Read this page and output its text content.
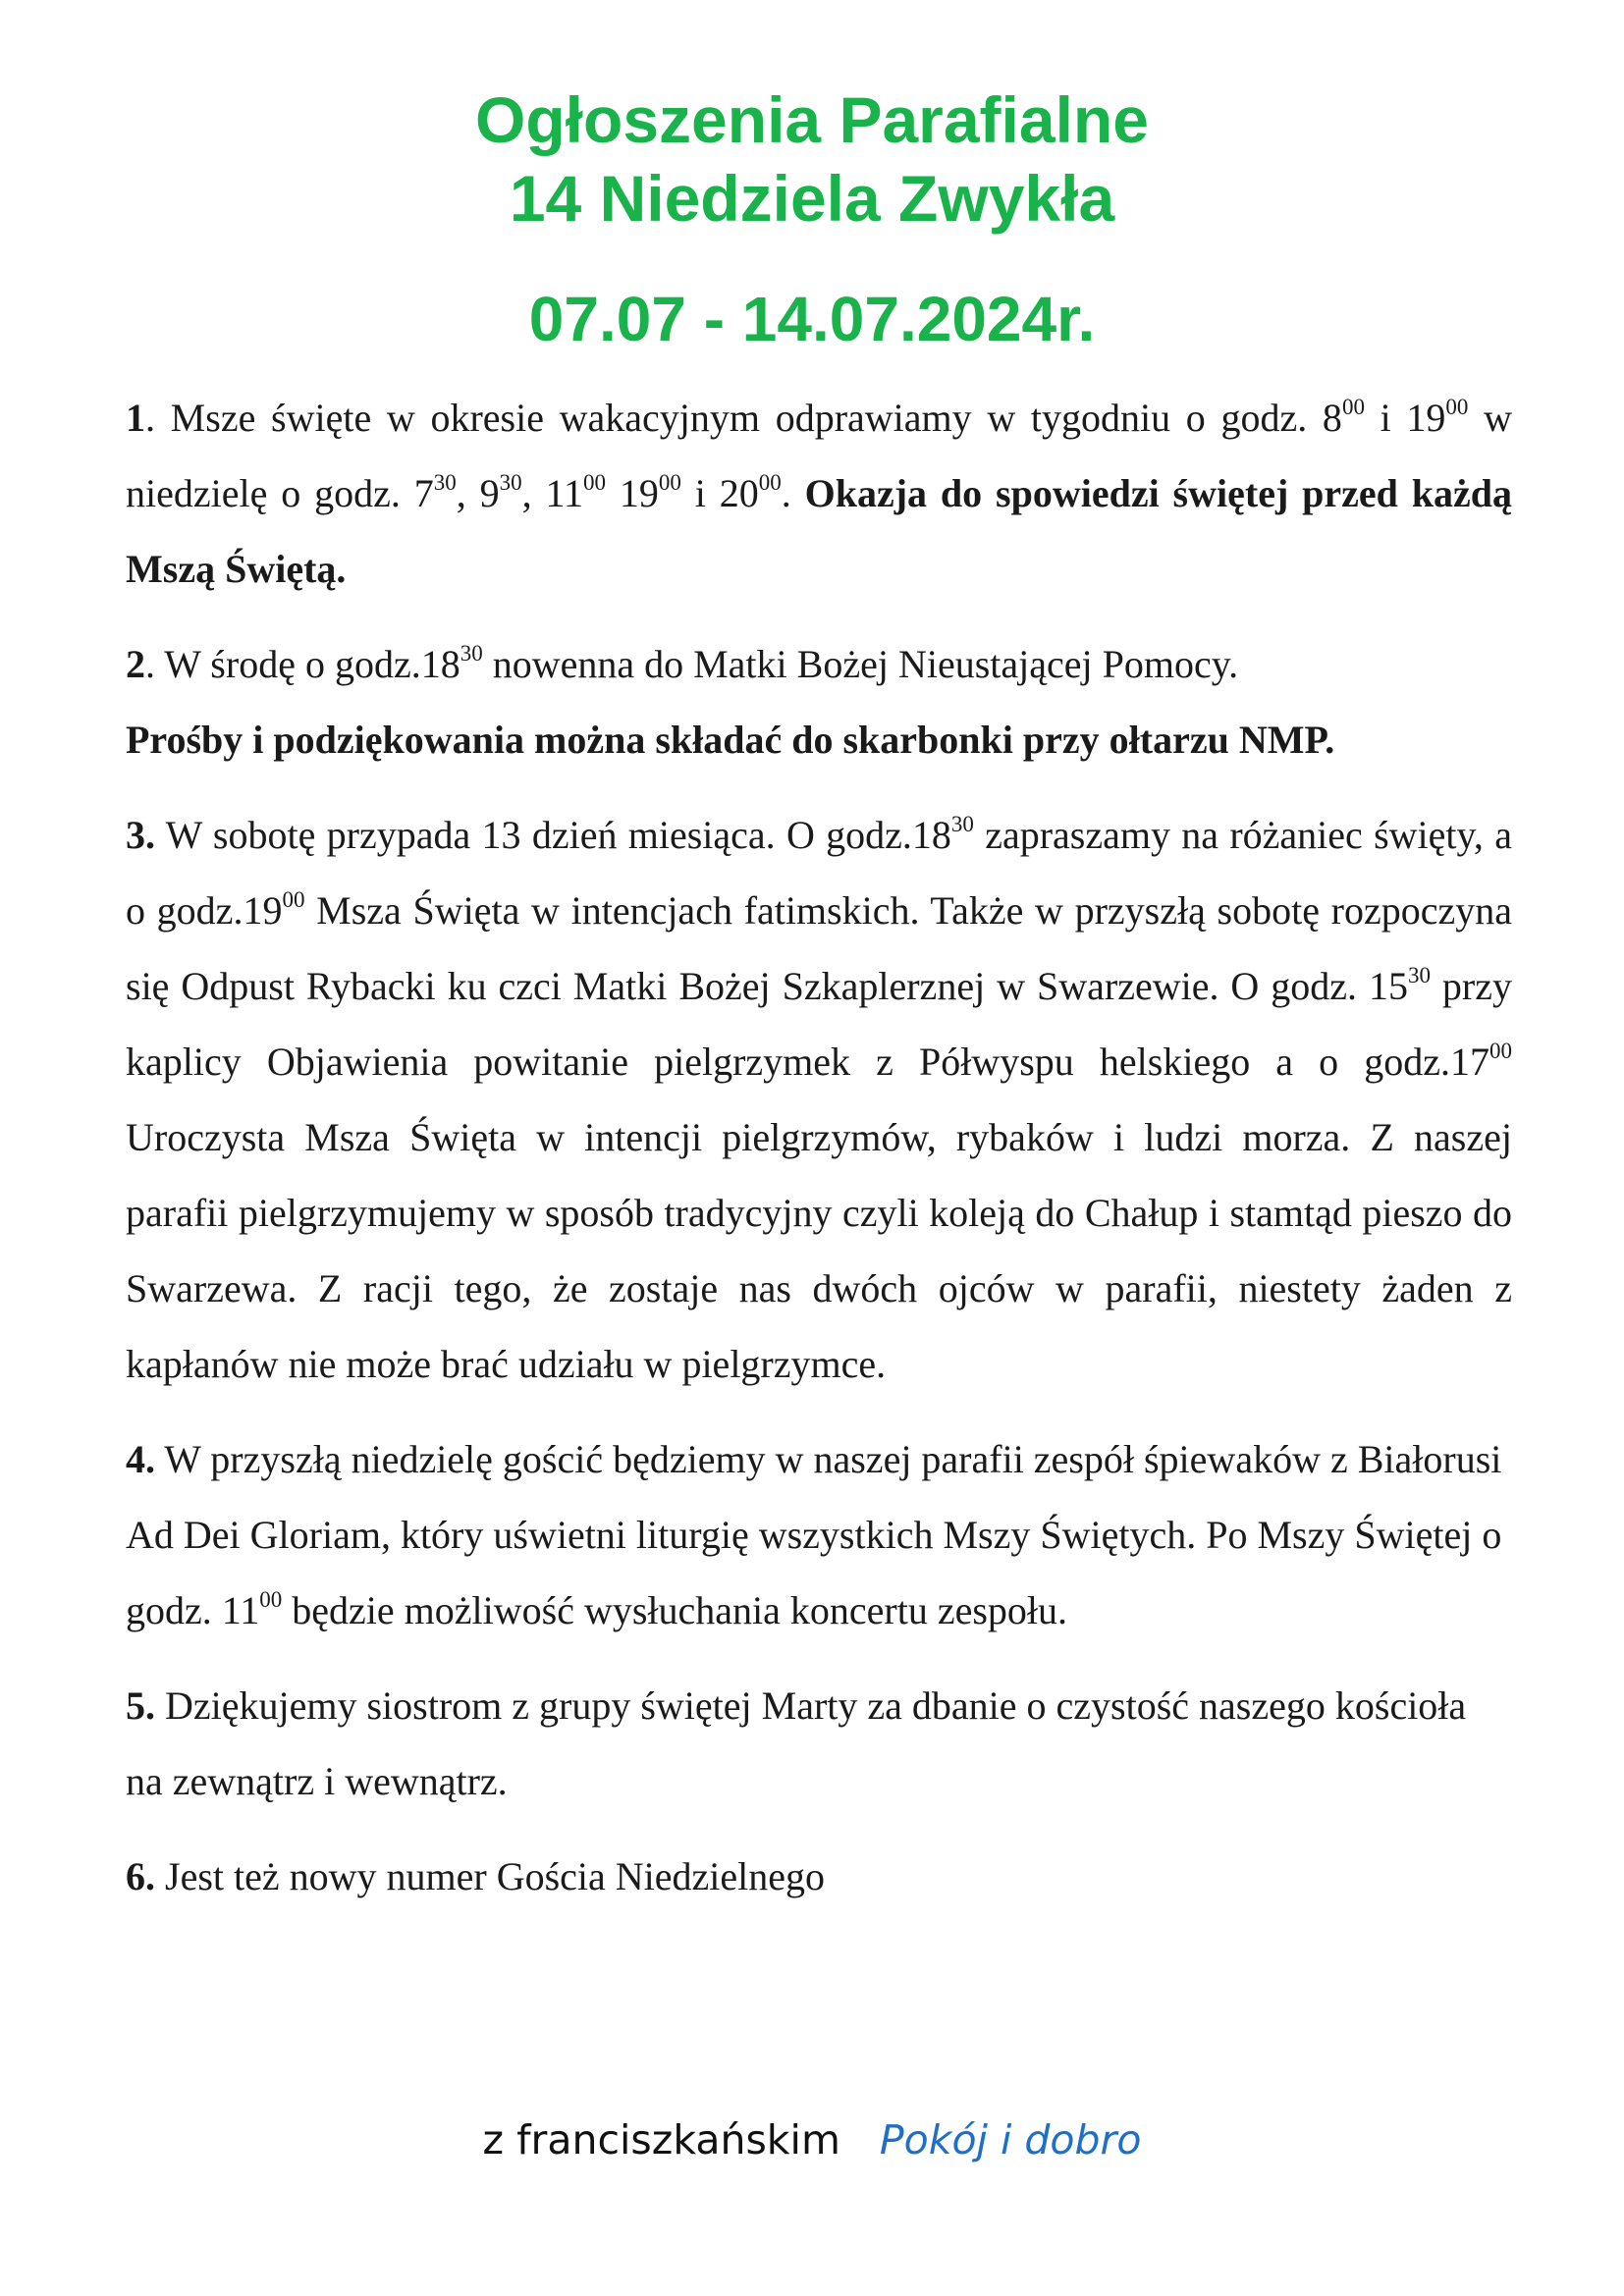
Ogłoszenia Parafialne
14 Niedziela Zwykła
07.07 - 14.07.2024r.

1. Msze święte w okresie wakacyjnym odprawiamy w tygodniu o godz. $8^{00}$ i $19^{00}$ w niedzielę o godz. $7^{30}$, $9^{30}$, $11^{00}$ $19^{00}$ i $20^{00}$. Okazja do spowiedzi świętej przed każdą Mszą Świętą.

2. W środę o $godz.18^{30}$ nowenna do Matki Bożej Nieustającej Pomocy.
Prośby i podziękowania można składać do skarbonki przy ołtarzu NMP.

3. W sobotę przypada 13 dzień miesiąca. O $godz.18^{30}$ zapraszamy na różaniec święty, a o $godz.19^{00}$ Msza Święta w intencjach fatimskich. Także w przyszłą sobotę rozpoczyna się Odpust Rybacki ku czci Matki Bożej Szkaplerznej w Swarzewie. O godz. $15^{30}$ przy kaplicy Objawienia powitanie pielgrzymek z Półwyspu helskiego a o $godz.17^{00}$ Uroczysta Msza Święta w intencji pielgrzymów, rybaków i ludzi morza. Z naszej parafii pielgrzymujemy w sposób tradycyjny czyli koleją do Chałup i stamtąd pieszo do Swarzewa. Z racji tego, że zostaje nas dwóch ojców w parafii, niestety żaden z kapłanów nie może brać udziału w pielgrzymce.

4. W przyszłą niedzielę gościć będziemy w naszej parafii zespół śpiewaków z Białorusi Ad Dei Gloriam, który uświetni liturgię wszystkich Mszy Świętych. Po Mszy Świętej o godz. $11^{00}$ będzie możliwość wysłuchania koncertu zespołu.

5. Dziękujemy siostrom z grupy świętej Marty za dbanie o czystość naszego kościoła na zewnątrz i wewnątrz.

6. Jest też nowy numer Gościa Niedzielnego

z franciszkańskim Pokój i dobro
